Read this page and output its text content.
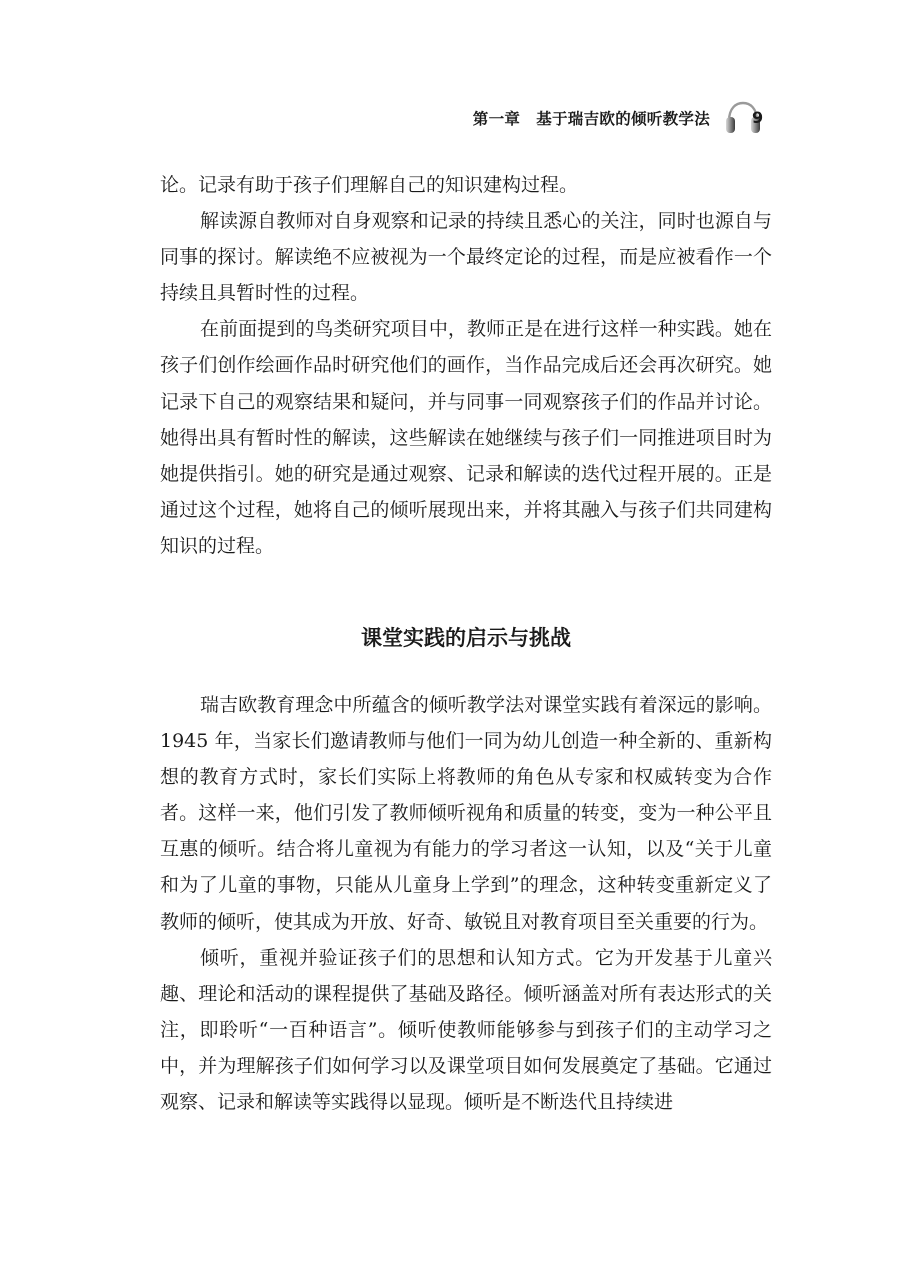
第一章 基于瑞吉欧的倾听教学法	9

论。记录有助于孩子们理解自己的知识建构过程。

解读源自教师对自身观察和记录的持续且悉心的关注，同时也源自与同事的探讨。解读绝不应被视为一个最终定论的过程，而是应被看作一个持续且具暂时性的过程。

在前面提到的鸟类研究项目中，教师正是在进行这样一种实践。她在孩子们创作绘画作品时研究他们的画作，当作品完成后还会再次研究。她记录下自己的观察结果和疑问，并与同事一同观察孩子们的作品并讨论。她得出具有暂时性的解读，这些解读在她继续与孩子们一同推进项目时为她提供指引。她的研究是通过观察、记录和解读的迭代过程开展的。正是通过这个过程，她将自己的倾听展现出来，并将其融入与孩子们共同建构知识的过程。

课堂实践的启示与挑战

瑞吉欧教育理念中所蕴含的倾听教学法对课堂实践有着深远的影响。1945 年，当家长们邀请教师与他们一同为幼儿创造一种全新的、重新构想的教育方式时，家长们实际上将教师的角色从专家和权威转变为合作者。这样一来，他们引发了教师倾听视角和质量的转变，变为一种公平且互惠的倾听。结合将儿童视为有能力的学习者这一认知，以及“关于儿童和为了儿童的事物，只能从儿童身上学到”的理念，这种转变重新定义了教师的倾听，使其成为开放、好奇、敏锐且对教育项目至关重要的行为。

倾听，重视并验证孩子们的思想和认知方式。它为开发基于儿童兴趣、理论和活动的课程提供了基础及路径。倾听涵盖对所有表达形式的关注，即聆听“一百种语言”。倾听使教师能够参与到孩子们的主动学习之中，并为理解孩子们如何学习以及课堂项目如何发展奠定了基础。它通过观察、记录和解读等实践得以显现。倾听是不断迭代且持续进
